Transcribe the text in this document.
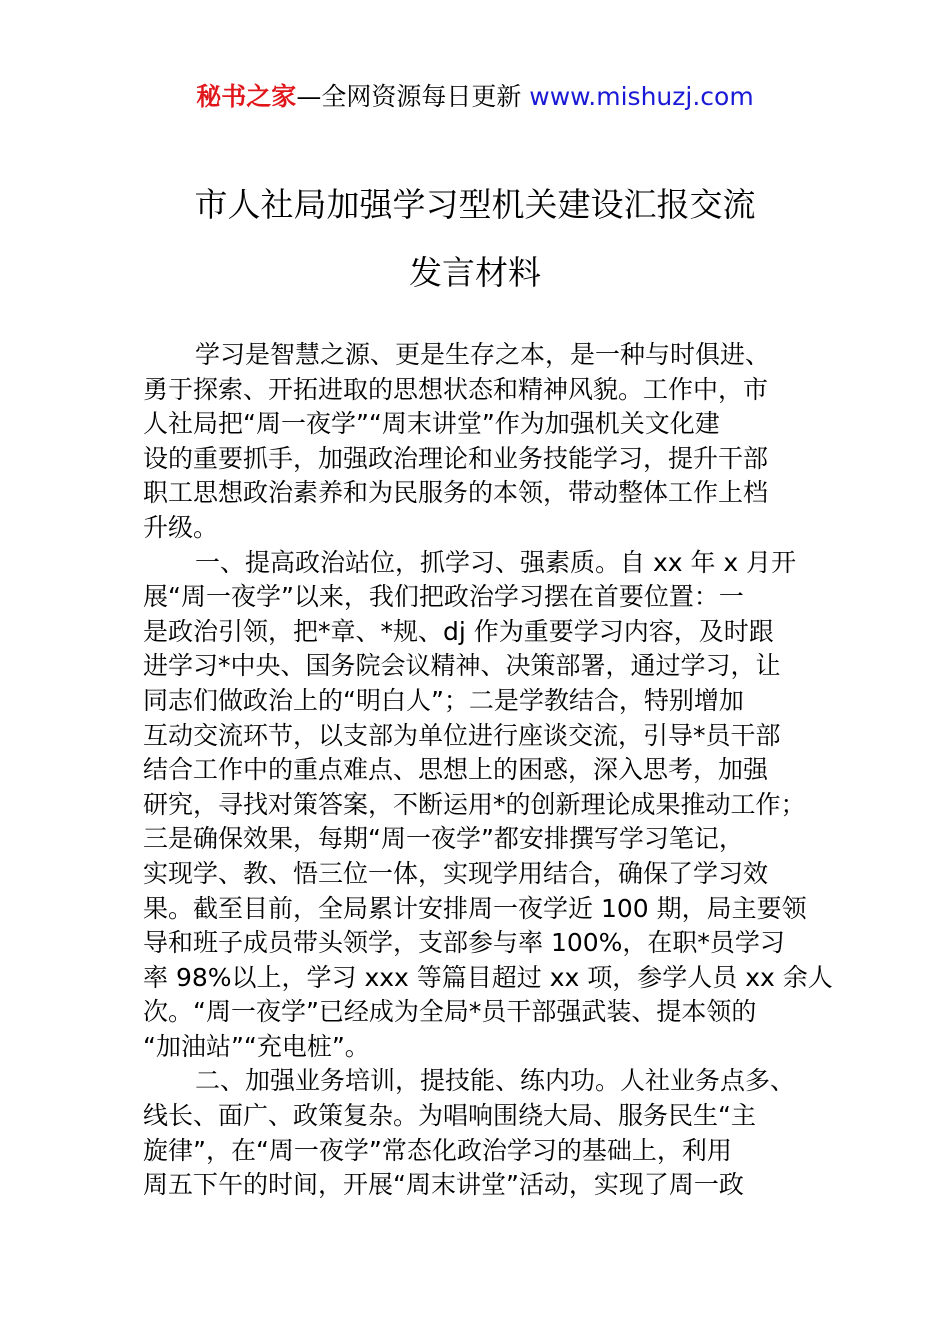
秘书之家—全网资源每日更新 www.mishuzj.com
市人社局加强学习型机关建设汇报交流
发言材料
学习是智慧之源、更是生存之本，是一种与时俱进、
勇于探索、开拓进取的思想状态和精神风貌。工作中，市
人社局把“周一夜学”“周末讲堂”作为加强机关文化建
设的重要抓手，加强政治理论和业务技能学习，提升干部
职工思想政治素养和为民服务的本领，带动整体工作上档
升级。
一、提高政治站位，抓学习、强素质。自 xx 年 x 月开
展“周一夜学”以来，我们把政治学习摆在首要位置：一
是政治引领，把*章、*规、dj 作为重要学习内容，及时跟
进学习*中央、国务院会议精神、决策部署，通过学习，让
同志们做政治上的“明白人”；二是学教结合，特别增加
互动交流环节，以支部为单位进行座谈交流，引导*员干部
结合工作中的重点难点、思想上的困惑，深入思考，加强
研究，寻找对策答案，不断运用*的创新理论成果推动工作；
三是确保效果，每期“周一夜学”都安排撰写学习笔记，
实现学、教、悟三位一体，实现学用结合，确保了学习效
果。截至目前，全局累计安排周一夜学近 100 期，局主要领
导和班子成员带头领学，支部参与率 100%，在职*员学习
率 98%以上，学习 xxx 等篇目超过 xx 项，参学人员 xx 余人
次。“周一夜学”已经成为全局*员干部强武装、提本领的
“加油站”“充电桩”。
二、加强业务培训，提技能、练内功。人社业务点多、
线长、面广、政策复杂。为唱响围绕大局、服务民生“主
旋律”，在“周一夜学”常态化政治学习的基础上，利用
周五下午的时间，开展“周末讲堂”活动，实现了周一政
